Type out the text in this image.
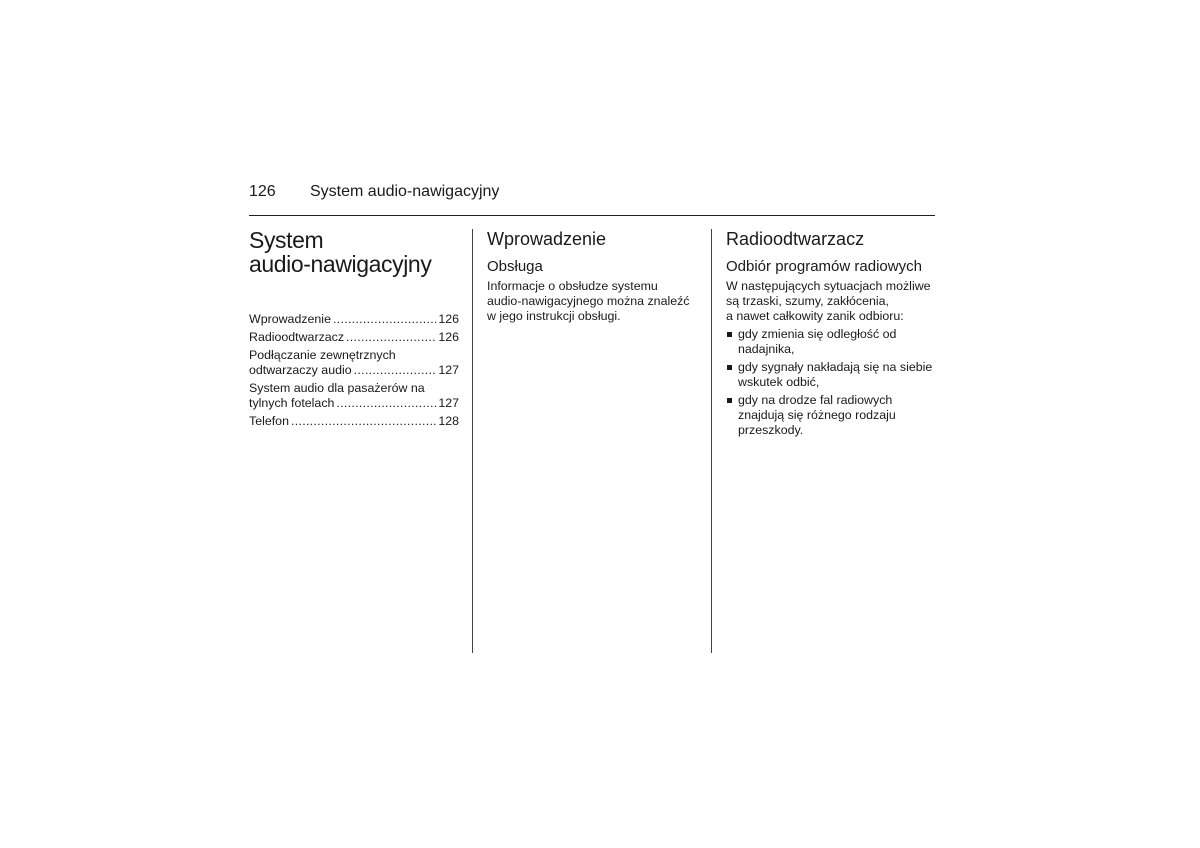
126	System audio-nawigacyjny
System
audio-nawigacyjny
Wprowadzenie .....	126
Radioodtwarzacz .....	126
Podłączanie zewnętrznych
odtwarzaczy audio .....	127
System audio dla pasażerów na
tylnych fotelach .....	127
Telefon .....	128
Wprowadzenie
Obsługa

Informacje o obsłudze systemu
audio-nawigacyjnego można znaleźć
w jego instrukcji obsługi.

Radioodtwarzacz
Odbiór programów radiowych

W następujących sytuacjach możliwe
są trzaski, szumy, zakłócenia,
a nawet całkowity zanik odbioru:

gdy zmienia się odległość od
nadajnika,
gdy sygnały nakładają się na siebie
wskutek odbić,
gdy na drodze fal radiowych
znajdują się różnego rodzaju
przeszkody.
